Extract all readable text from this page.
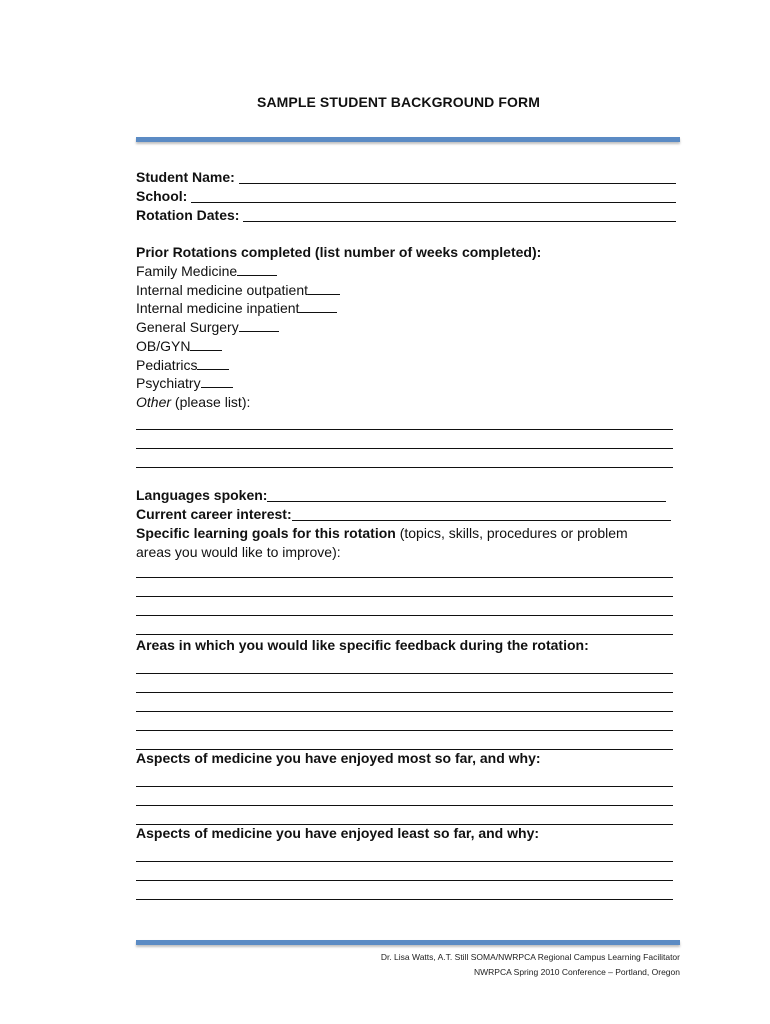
SAMPLE STUDENT BACKGROUND FORM
Student Name:
School:
Rotation Dates:
Prior Rotations completed (list number of weeks completed):
Family Medicine
Internal medicine outpatient
Internal medicine inpatient
General Surgery
OB/GYN
Pediatrics
Psychiatry
Other (please list):
Languages spoken:
Current career interest:
Specific learning goals for this rotation (topics, skills, procedures or problem areas you would like to improve):
Areas in which you would like specific feedback during the rotation:
Aspects of medicine you have enjoyed most so far, and why:
Aspects of medicine you have enjoyed least so far, and why:
Dr. Lisa Watts, A.T. Still SOMA/NWRPCA Regional Campus Learning Facilitator
NWRPCA Spring 2010 Conference – Portland, Oregon
